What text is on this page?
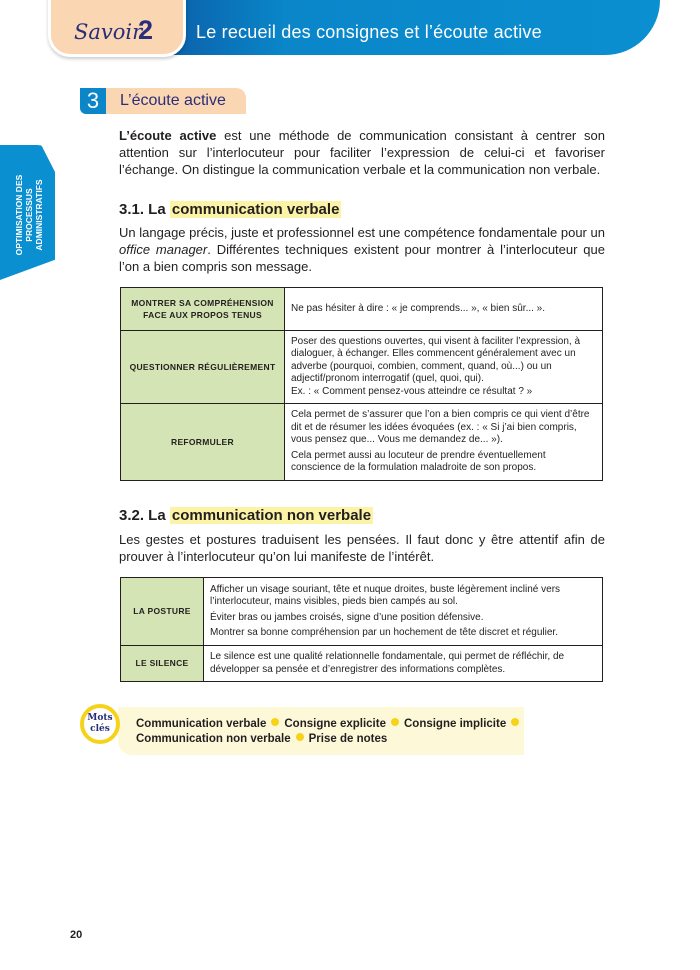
Le recueil des consignes et l’écoute active
Savoir
2
OPTIMISATION DES PROCESSUS ADMINISTRATIFS
3	L’écoute active

L’écoute active est une méthode de communication consistant à centrer son attention sur l’interlocuteur pour faciliter l’expression de celui-ci et favoriser l’échange. On distingue la communication verbale et la communication non verbale.

3.1. La communication verbale

Un langage précis, juste et professionnel est une compétence fondamentale pour un office manager. Différentes techniques existent pour montrer à l’interlocuteur que l’on a bien compris son message.

MONTRER SA COMPRÉHENSION FACE AUX PROPOS TENUS	Ne pas hésiter à dire : « je comprends... », « bien sûr... ».

QUESTIONNER RÉGULIÈREMENT	Poser des questions ouvertes, qui visent à faciliter l’expression, à dialoguer, à échanger. Elles commencent généralement avec un adverbe (pourquoi, combien, comment, quand, où...) ou un adjectif/pronom interrogatif (quel, quoi, qui).

Ex. : « Comment pensez-vous atteindre ce résultat ? »

REFORMULER	Cela permet de s’assurer que l’on a bien compris ce qui vient d’être dit et de résumer les idées évoquées (ex. : « Si j’ai bien compris, vous pensez que... Vous me demandez de... »).

Cela permet aussi au locuteur de prendre éventuellement conscience de la formulation maladroite de son propos.

3.2. La communication non verbale

Les gestes et postures traduisent les pensées. Il faut donc y être attentif afin de prouver à l’interlocuteur qu’on lui manifeste de l’intérêt.

LA POSTURE	Afficher un visage souriant, tête et nuque droites, buste légèrement incliné vers l’interlocuteur, mains visibles, pieds bien campés au sol.

Éviter bras ou jambes croisés, signe d’une position défensive.

Montrer sa bonne compréhension par un hochement de tête discret et régulier.

LE SILENCE	Le silence est une qualité relationnelle fondamentale, qui permet de réfléchir, de développer sa pensée et d’enregistrer des informations complètes.

Mots
clés	Communication verbale Consigne explicite Consigne implicite
Communication non verbale Prise de notes
20
